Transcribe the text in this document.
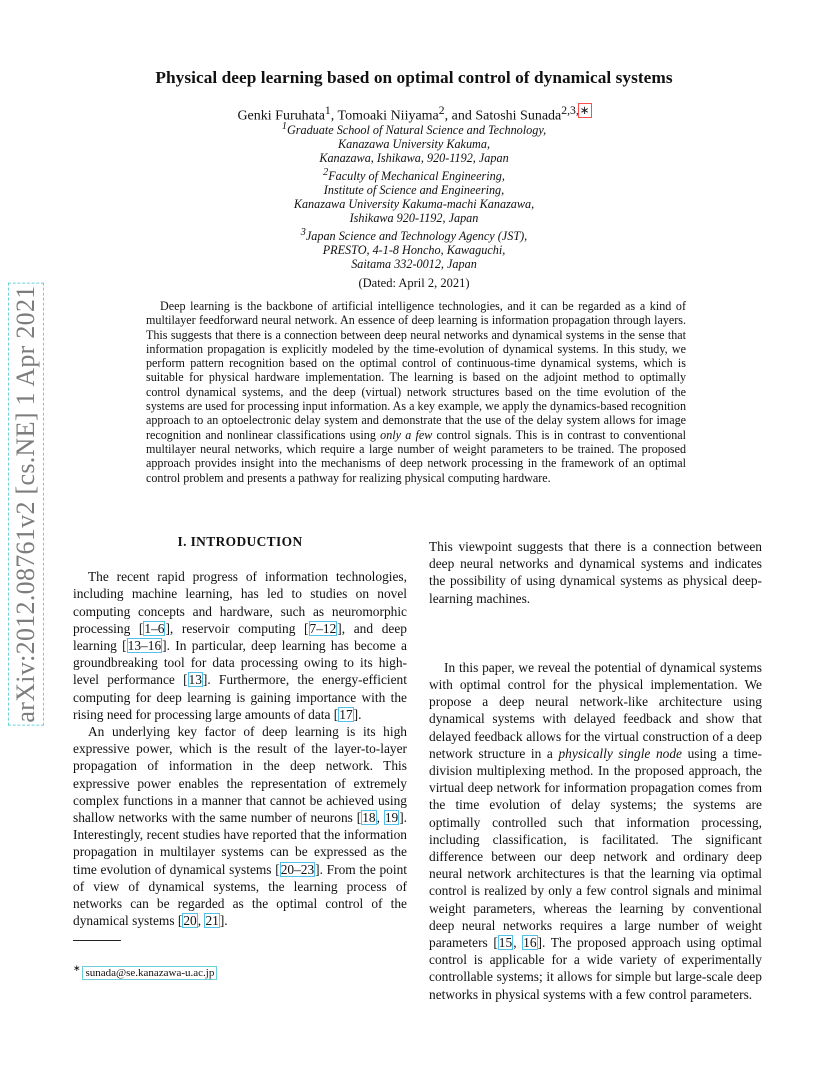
arXiv:2012.08761v2 [cs.NE] 1 Apr 2021
Physical deep learning based on optimal control of dynamical systems
Genki Furuhata$^1$, Tomoaki Niiyama$^2$, and Satoshi Sunada$^{2,3,∗}$
$^1$Graduate School of Natural Science and Technology,
Kanazawa University Kakuma,
Kanazawa, Ishikawa, 920-1192, Japan
$^2$Faculty of Mechanical Engineering,
Institute of Science and Engineering,
Kanazawa University Kakuma-machi Kanazawa,
Ishikawa 920-1192, Japan
$^3$Japan Science and Technology Agency (JST),
PRESTO, 4-1-8 Honcho, Kawaguchi,
Saitama 332-0012, Japan
(Dated: April 2, 2021)
Deep learning is the backbone of artificial intelligence technologies, and it can be regarded as a kind of multilayer feedforward neural network. An essence of deep learning is information propagation through layers. This suggests that there is a connection between deep neural networks and dynamical systems in the sense that information propagation is explicitly modeled by the time-evolution of dynamical systems. In this study, we perform pattern recognition based on the optimal control of continuous-time dynamical systems, which is suitable for physical hardware implementation. The learning is based on the adjoint method to optimally control dynamical systems, and the deep (virtual) network structures based on the time evolution of the systems are used for processing input information. As a key example, we apply the dynamics-based recognition approach to an optoelectronic delay system and demonstrate that the use of the delay system allows for image recognition and nonlinear classifications using only a few control signals. This is in contrast to conventional multilayer neural networks, which require a large number of weight parameters to be trained. The proposed approach provides insight into the mechanisms of deep network processing in the framework of an optimal control problem and presents a pathway for realizing physical computing hardware.
I. INTRODUCTION

The recent rapid progress of information technologies, including machine learning, has led to studies on novel computing concepts and hardware, such as neuromorphic processing [1–6], reservoir computing [7–12], and deep learning [13–16]. In particular, deep learning has become a groundbreaking tool for data processing owing to its high-level performance [13]. Furthermore, the energy-efficient computing for deep learning is gaining importance with the rising need for processing large amounts of data [17].

An underlying key factor of deep learning is its high expressive power, which is the result of the layer-to-layer propagation of information in the deep network. This expressive power enables the representation of extremely complex functions in a manner that cannot be achieved using shallow networks with the same number of neurons [18, 19]. Interestingly, recent studies have reported that the information propagation in multilayer systems can be expressed as the time evolution of dynamical systems [20–23]. From the point of view of dynamical systems, the learning process of networks can be regarded as the optimal control of the dynamical systems [20, 21].

This viewpoint suggests that there is a connection between deep neural networks and dynamical systems and indicates the possibility of using dynamical systems as physical deep-learning machines.

In this paper, we reveal the potential of dynamical systems with optimal control for the physical implementation. We propose a deep neural network-like architecture using dynamical systems with delayed feedback and show that delayed feedback allows for the virtual construction of a deep network structure in a physically single node using a time-division multiplexing method. In the proposed approach, the virtual deep network for information propagation comes from the time evolution of delay systems; the systems are optimally controlled such that information processing, including classification, is facilitated. The significant difference between our deep network and ordinary deep neural network architectures is that the learning via optimal control is realized by only a few control signals and minimal weight parameters, whereas the learning by conventional deep neural networks requires a large number of weight parameters [15, 16]. The proposed approach using optimal control is applicable for a wide variety of experimentally controllable systems; it allows for simple but large-scale deep networks in physical systems with a few control parameters.

∗ sunada@se.kanazawa-u.ac.jp
